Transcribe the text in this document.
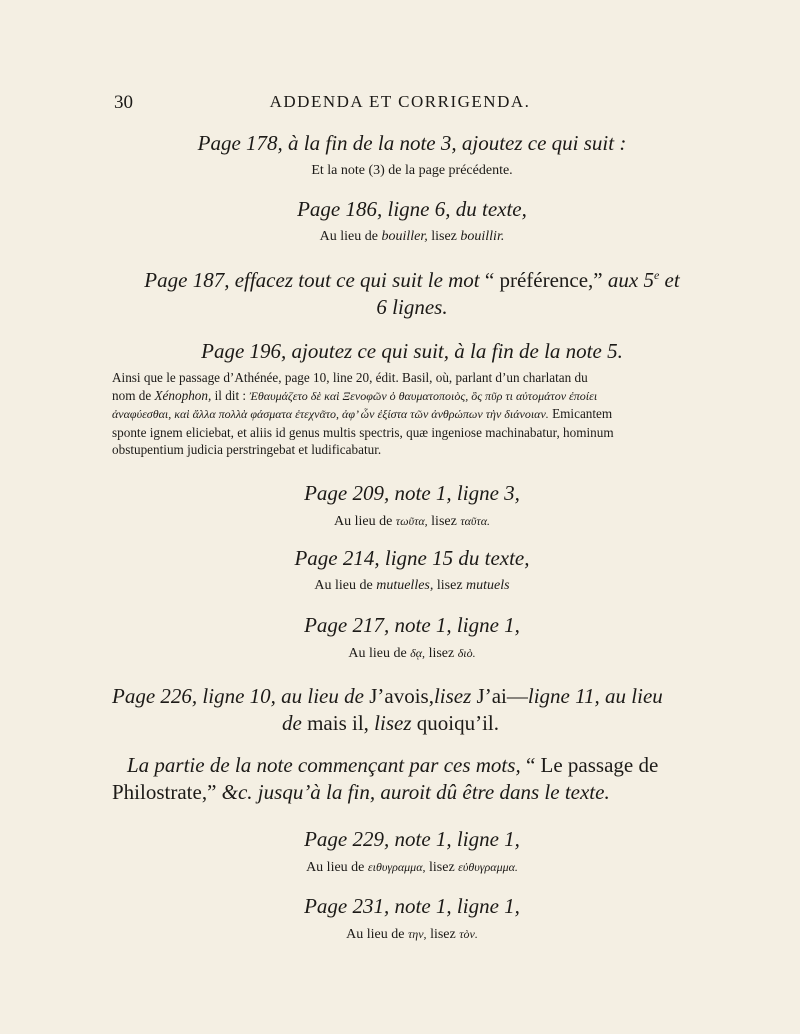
30	ADDENDA ET CORRIGENDA.
Page 178, à la fin de la note 3, ajoutez ce qui suit :
Et la note (3) de la page précédente.
Page 186, ligne 6, du texte,
Au lieu de bouiller, lisez bouillir.
Page 187, effacez tout ce qui suit le mot “ préférence,” aux 5e et
6 lignes.
Page 196, ajoutez ce qui suit, à la fin de la note 5.
Ainsi que le passage d’Athénée, page 10, line 20, édit. Basil, où, parlant d’un charlatan du
nom de Xénophon, il dit : Ἐθαυμάζετο δὲ καὶ Ξενοφῶν ὁ θαυματοποιὸς, ὃς πῦρ τι αὐτομάτον ἐποίει
ἀναφύεσθαι, καὶ ἄλλα πολλὰ φάσματα ἐτεχνᾶτο, ἀφ’ ὧν ἐξίστα τῶν ἀνθρώπων τὴν διάνοιαν. Emicantem
sponte ignem eliciebat, et aliis id genus multis spectris, quæ ingeniose machinabatur, hominum
obstupentium judicia perstringebat et ludificabatur.
Page 209, note 1, ligne 3,
Au lieu de τωῦτα, lisez ταῦτα.
Page 214, ligne 15 du texte,
Au lieu de mutuelles, lisez mutuels
Page 217, note 1, ligne 1,
Au lieu de δᾳ, lisez διὸ.
Page 226, ligne 10, au lieu de J’avois,lisez J’ai—ligne 11, au lieu
de mais il, lisez quoiqu’il.
La partie de la note commençant par ces mots, “ Le passage de
Philostrate,” &c. jusqu’à la fin, auroit dû être dans le texte.
Page 229, note 1, ligne 1,
Au lieu de ειθυγραμμα, lisez εὐθυγραμμα.
Page 231, note 1, ligne 1,
Au lieu de την, lisez τὸν.
